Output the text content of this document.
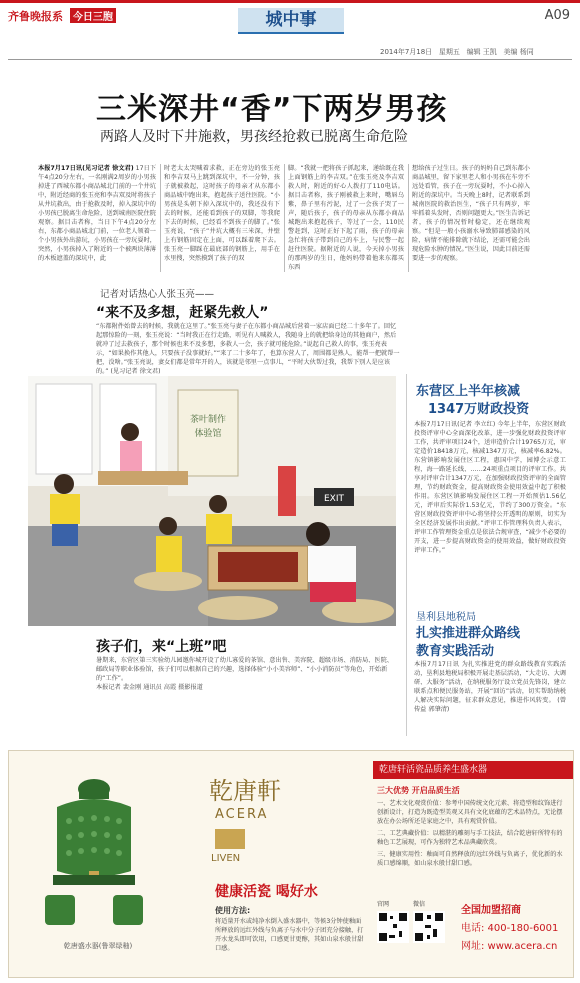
齐鲁晚报系 今日三胞	城中事	A09
2014年7月18日 星期五 编辑 王凯 美编 杨同
三米深井“香”下两岁男孩
两路人及时下井施救，男孩经抢救已脱离生命危险
本报7月17日讯(见习记者 徐文君) 17日下午4点20分左右，一名刚满2周岁的小男孩掉进了西城东都小商品城北门前的一个井坑中，附近经商的张玉亮和李吉双及时将孩子从井坑救出，由于抢救及时，掉入深坑中的小男孩已脱离生命危险，送到城南医院住院观察。据目击者称，当日下午4点20分左右，东都小商品城北门前，一位老人领着一个小男孩外出游玩，小男孩在一旁玩耍时，突然，小男孩掉入了附近的一个被两块薄薄的木板遮盖的深坑中，此
时老太太哭喊着求救，正在旁边的张玉亮和李吉双马上跳到深坑中，不一分钟，孩子就被救起，这时孩子的母亲才从东都小商品城中跑出来，抱起孩子送往医院。“小男孩是头朝下掉入深坑中的，我还没有下去的时候，还能看到孩子的双脚，等我爬下去的时候，已经看不到孩子的脚了。”张玉亮说，“孩子”井坑大概有三米深，井壁上有钢筋固定在上面，可以踩着爬下去。张玉亮一脚踩在最底部的钢筋上，用手在水里搜，突然摸到了孩子的双
脚。“我就一把将孩子抓起来，递给既在我上面钢筋上的李吉双。”在张玉亮及李吉双救人时，附近的好心人拨打了110电话。据目击者称，孩子刚被救上来时，嘴唇乌紫，鼻子里有污泥，过了一会孩子哭了一声，随后孩子，孩子的母亲从东都小商品城跑出来抱起孩子，等过了一会，110民警赶到，这时正好下起了雨，孩子的母亲急忙将孩子带到自己的车上，与民警一起赶往医院。据附近的人说，今天掉小男孩的那两岁的生日，他妈妈带着他来东都买东西
想给孩子过生日。孩子的妈妈自己到东都小商品城里，留下家里老人和小男孩在车旁不远处看管，孩子在一旁玩耍时，不小心掉入附近的深坑中。当天晚上8时，记者联系到城南医院的救治医生，“孩子只有两岁，牢牢抓着头发时，否则问题更大。”医生告诉记者，孩子的情况暂时稳定，还在继续观察。“但是一般小孩溺水导致肺部感染的风险，病情不能排除就下结论，还需可能会出现危险水肿的情况。”医生说，因此目前还需要进一步的观察。
记者对话热心人张玉亮——
“来不及多想，赶紧先救人”
“东都附件始曾去的时候，我就在这里了。”张玉亮与妻子在东都小商品城后营着一家店面已经二十多年了。回忆起那惊险的一刻，张玉亮说：“当时我正在行走路，听见有人喊救人，我随身上的就把给身边的其他商户，然后就冲了过去救孩子，那个时候也来不及多想，多救人一会，孩子就可能危险。”说起自己救人的事，张玉亮表示，“如果换作其他人，只要孩子没事就好。”“来了二十多年了，也算东营人了，周围都是熟人，能帮一把就帮一把，没啥。”张玉亮说，妻女们都是常年开的人，该就是邻里一点事儿，“平时大伙帮过我，我帮下别人是应该的。” (见习记者 徐文君)
茶叶制作
体验馆
EXIT
孩子们，来“上班”吧
暑期来，东营区第三实验幼儿园邀你城开设了幼儿寡爱的茶馆、意出售、美容院、超级市场、消防局、医院、邮政局等职业体验馆，孩子们可以根据自己的兴趣，选择体验“小小美容师”、“小小消防员”等角色，开始新的“工作”。
本报记者 裴金刚 通讯员 高霞 摄影报道
东营区上半年核减
1347万财政投资
本报7月17日讯(记者 李立红) 今年上半年，东营区财政投资评审中心全面深化改革，进一步强化财政投资评审工作，共评审项目24个，送审造价合计19765万元，审定造价18418万元，核减1347万元，核减率6.82%。东营镇影响发展住区工程，惠国中学，园博会示意工程，海一路延长线、……24项重点项目的评审工作。共享对评审合计1347万元，在加强财政投资评审的全面管理，节约财政资金，提高财政资金使用效益中起了积极作用。东营区镇影响发展住区工程一开始预估1.56亿元，评审后实际价1.53亿元，节约了300万资金。“东营区财政投资评审中心将坚持公开透明的原则，切实为全区经济发展作出贡献。”评审工作管理科负责人表示，评审工作管理资金重点是依法合规审查，“减少不必要的开支，进一步提高财政资金的使用效益，做好财政投资评审工作。”
垦利县地税局
扎实推进群众路线
教育实践活动
本报7月17日讯 为扎实推进党的群众路线教育实践活动，垦利县地税局积极开展走基层活动，“大走访、大调研、大服务”活动，在纳税服务厅设立党员先锋岗，建立联系点和便民服务站，开展“回访”活动，切实帮助纳税人解决实际问题，征求群众意见，推进作风转变。 (曾传益 郭肇清)
乾唐盛水器(鲁翠绿釉)
乾唐軒
ACERA
LIVEN
健康活瓷 喝好水
使用方法:
将适量开水或纯净水倒入盛水器中，等候3分钟使釉面所释放的远红外线与负离子与水中分子团充分接触，打开水龙头即可饮用，口感更甘更醇，其如山泉水般甘甜口感。
乾唐轩活瓷品质养生盛水器
三大优势 开启品质生活
一、艺术文化观赏价值：参考中国传统文化元素、将造型和纹饰进行创新设计，打造为既造型美观又具有文化底蕴的艺术品特点，无论摆放在办公场所还是家庭之中，具有观赏价值。
二、工艺典藏价值：以精湛的雕刻与手工技法，结合乾唐轩所特有的釉色工艺展现，可作为独特艺术品典藏欣赏。
三、健康实用性：釉面可自然释放的远红外线与负离子，优化新的水质口感绵顺，如山泉水般甘甜口感。
官网	微信
全国加盟招商
电话: 400-180-6001
网址: www.acera.cn
